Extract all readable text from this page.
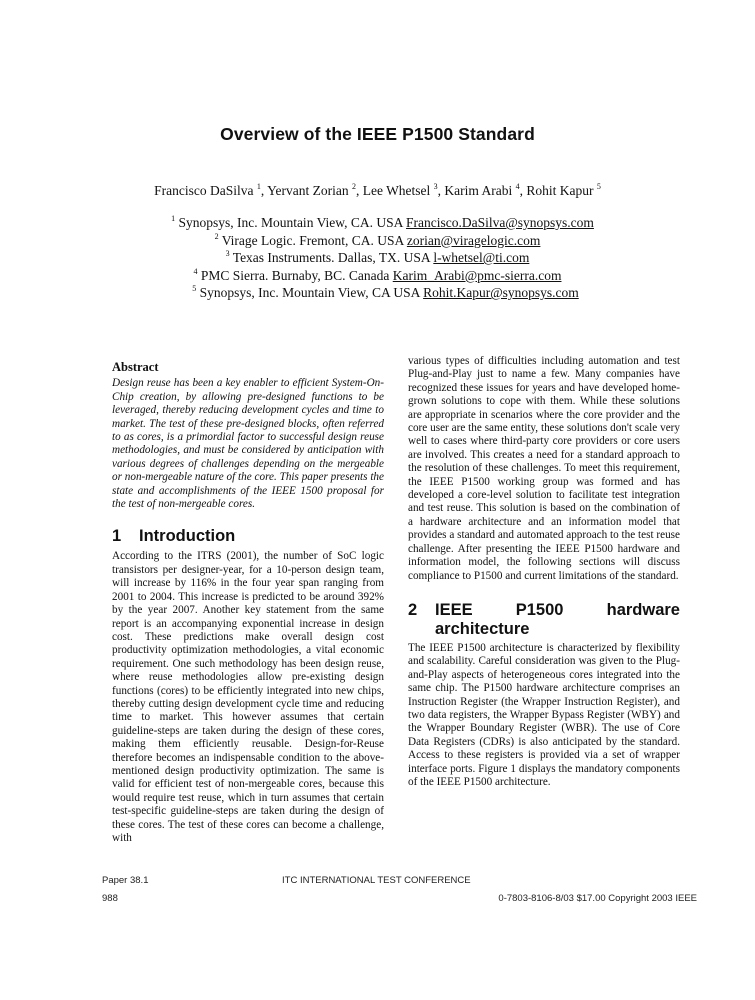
Overview of the IEEE P1500 Standard
Francisco DaSilva $^1$, Yervant Zorian $^2$, Lee Whetsel $^3$, Karim Arabi $^4$, Rohit Kapur $^5$
$^1$ Synopsys, Inc. Mountain View, CA. USA Francisco.DaSilva@synopsys.com
$^2$ Virage Logic. Fremont, CA. USA zorian@viragelogic.com
$^3$ Texas Instruments. Dallas, TX. USA l-whetsel@ti.com
$^4$ PMC Sierra. Burnaby, BC. Canada Karim_Arabi@pmc-sierra.com
$^5$ Synopsys, Inc. Mountain View, CA USA Rohit.Kapur@synopsys.com
Abstract

Design reuse has been a key enabler to efficient System-On-Chip creation, by allowing pre-designed functions to be leveraged, thereby reducing development cycles and time to market. The test of these pre-designed blocks, often referred to as cores, is a primordial factor to successful design reuse methodologies, and must be considered by anticipation with various degrees of challenges depending on the mergeable or non-mergeable nature of the core. This paper presents the state and accomplishments of the IEEE 1500 proposal for the test of non-mergeable cores.

1	Introduction

According to the ITRS (2001), the number of SoC logic transistors per designer-year, for a 10-person design team, will increase by 116% in the four year span ranging from 2001 to 2004. This increase is predicted to be around 392% by the year 2007. Another key statement from the same report is an accompanying exponential increase in design cost. These predictions make overall design cost productivity optimization methodologies, a vital economic requirement. One such methodology has been design reuse, where reuse methodologies allow pre-existing design functions (cores) to be efficiently integrated into new chips, thereby cutting design development cycle time and reducing time to market. This however assumes that certain guideline-steps are taken during the design of these cores, making them efficiently reusable. Design-for-Reuse therefore becomes an indispensable condition to the above-mentioned design productivity optimization. The same is valid for efficient test of non-mergeable cores, because this would require test reuse, which in turn assumes that certain test-specific guideline-steps are taken during the design of these cores. The test of these cores can become a challenge, with

various types of difficulties including automation and test Plug-and-Play just to name a few. Many companies have recognized these issues for years and have developed home-grown solutions to cope with them. While these solutions are appropriate in scenarios where the core provider and the core user are the same entity, these solutions don't scale very well to cases where third-party core providers or core users are involved. This creates a need for a standard approach to the resolution of these challenges. To meet this requirement, the IEEE P1500 working group was formed and has developed a core-level solution to facilitate test integration and test reuse. This solution is based on the combination of a hardware architecture and an information model that provides a standard and automated approach to the test reuse challenge. After presenting the IEEE P1500 hardware and information model, the following sections will discuss compliance to P1500 and current limitations of the standard.

2	IEEE P1500 hardware architecture

The IEEE P1500 architecture is characterized by flexibility and scalability. Careful consideration was given to the Plug-and-Play aspects of heterogeneous cores integrated into the same chip. The P1500 hardware architecture comprises an Instruction Register (the Wrapper Instruction Register), and two data registers, the Wrapper Bypass Register (WBY) and the Wrapper Boundary Register (WBR). The use of Core Data Registers (CDRs) is also anticipated by the standard. Access to these registers is provided via a set of wrapper interface ports. Figure 1 displays the mandatory components of the IEEE P1500 architecture.

Paper 38.1	ITC INTERNATIONAL TEST CONFERENCE
988	0-7803-8106-8/03 $17.00 Copyright 2003 IEEE
